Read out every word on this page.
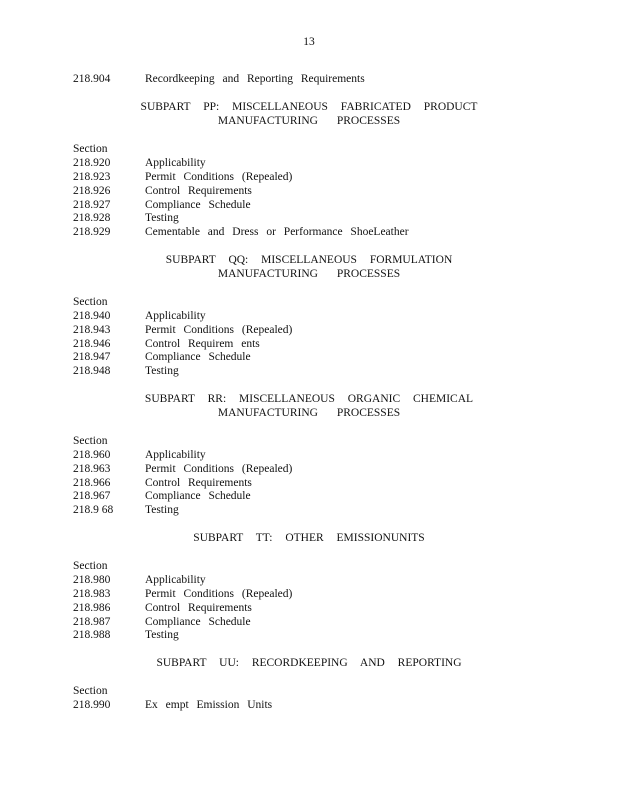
13
218.904	Recordkeeping and Reporting Requirements
SUBPART PP: MISCELLANEOUS FABRICATED PRODUCT
MANUFACTURING PROCESSES
Section
218.920	Applicability
218.923	Permit Conditions (Repealed)
218.926	Control Requirements
218.927	Compliance Schedule
218.928	Testing
218.929	Cementable and Dress or Performance ShoeLeather
SUBPART QQ: MISCELLANEOUS FORMULATION
MANUFACTURING PROCESSES
Section
218.940	Applicability
218.943	Permit Conditions (Repealed)
218.946	Control Requirem ents
218.947	Compliance Schedule
218.948	Testing
SUBPART RR: MISCELLANEOUS ORGANIC CHEMICAL
MANUFACTURING PROCESSES
Section
218.960	Applicability
218.963	Permit Conditions (Repealed)
218.966	Control Requirements
218.967	Compliance Schedule
218.9 68	Testing
SUBPART TT: OTHER EMISSIONUNITS
Section
218.980	Applicability
218.983	Permit Conditions (Repealed)
218.986	Control Requirements
218.987	Compliance Schedule
218.988	Testing
SUBPART UU: RECORDKEEPING AND REPORTING
Section
218.990	Ex empt Emission Units
